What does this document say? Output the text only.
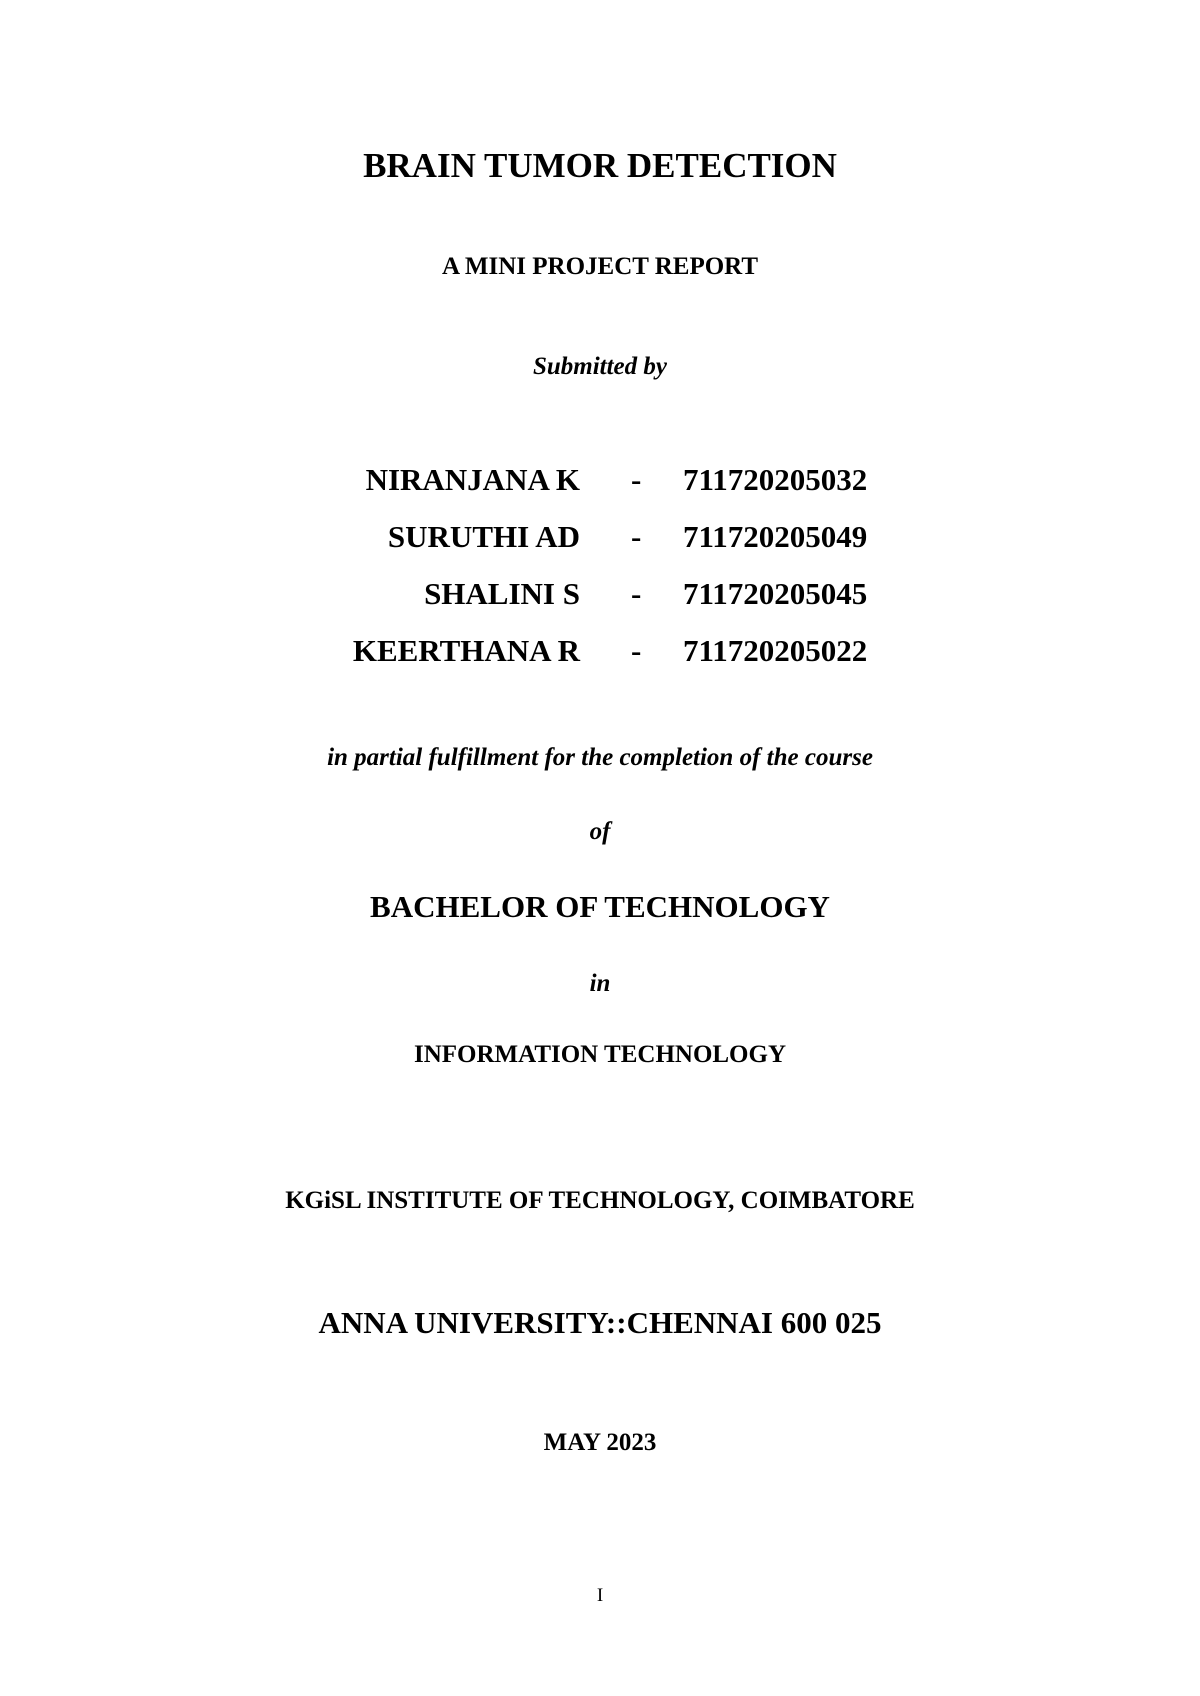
BRAIN TUMOR DETECTION
A MINI PROJECT REPORT
Submitted by
NIRANJANA K - 711720205032
SURUTHI AD - 711720205049
SHALINI S - 711720205045
KEERTHANA R - 711720205022
in partial fulfillment for the completion of the course
of
BACHELOR OF TECHNOLOGY
in
INFORMATION TECHNOLOGY
KGiSL INSTITUTE OF TECHNOLOGY, COIMBATORE
ANNA UNIVERSITY::CHENNAI 600 025
MAY 2023
I
